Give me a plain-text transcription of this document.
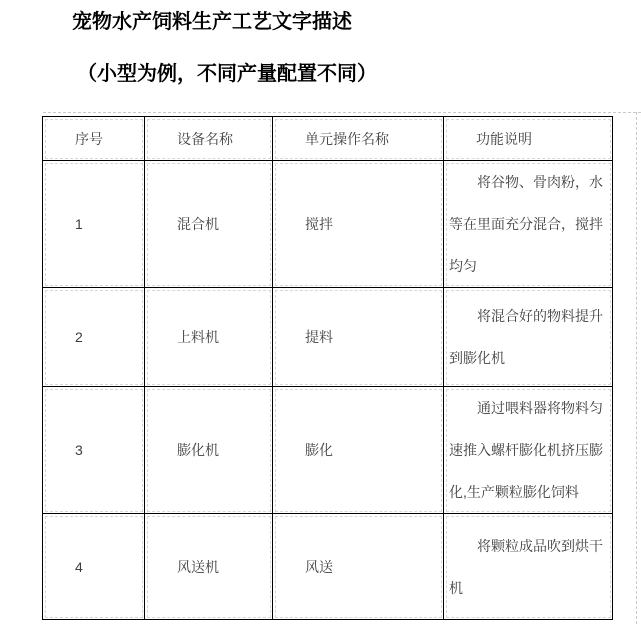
宠物水产饲料生产工艺文字描述
（小型为例，不同产量配置不同）
序号	设备名称	单元操作名称	功能说明
1	混合机	搅拌	将谷物、骨肉粉，水等在里面充分混合，搅拌均匀
2	上料机	提料	将混合好的物料提升到膨化机
3	膨化机	膨化	通过喂料器将物料匀速推入螺杆膨化机挤压膨化,生产颗粒膨化饲料
4	风送机	风送	将颗粒成品吹到烘干机
